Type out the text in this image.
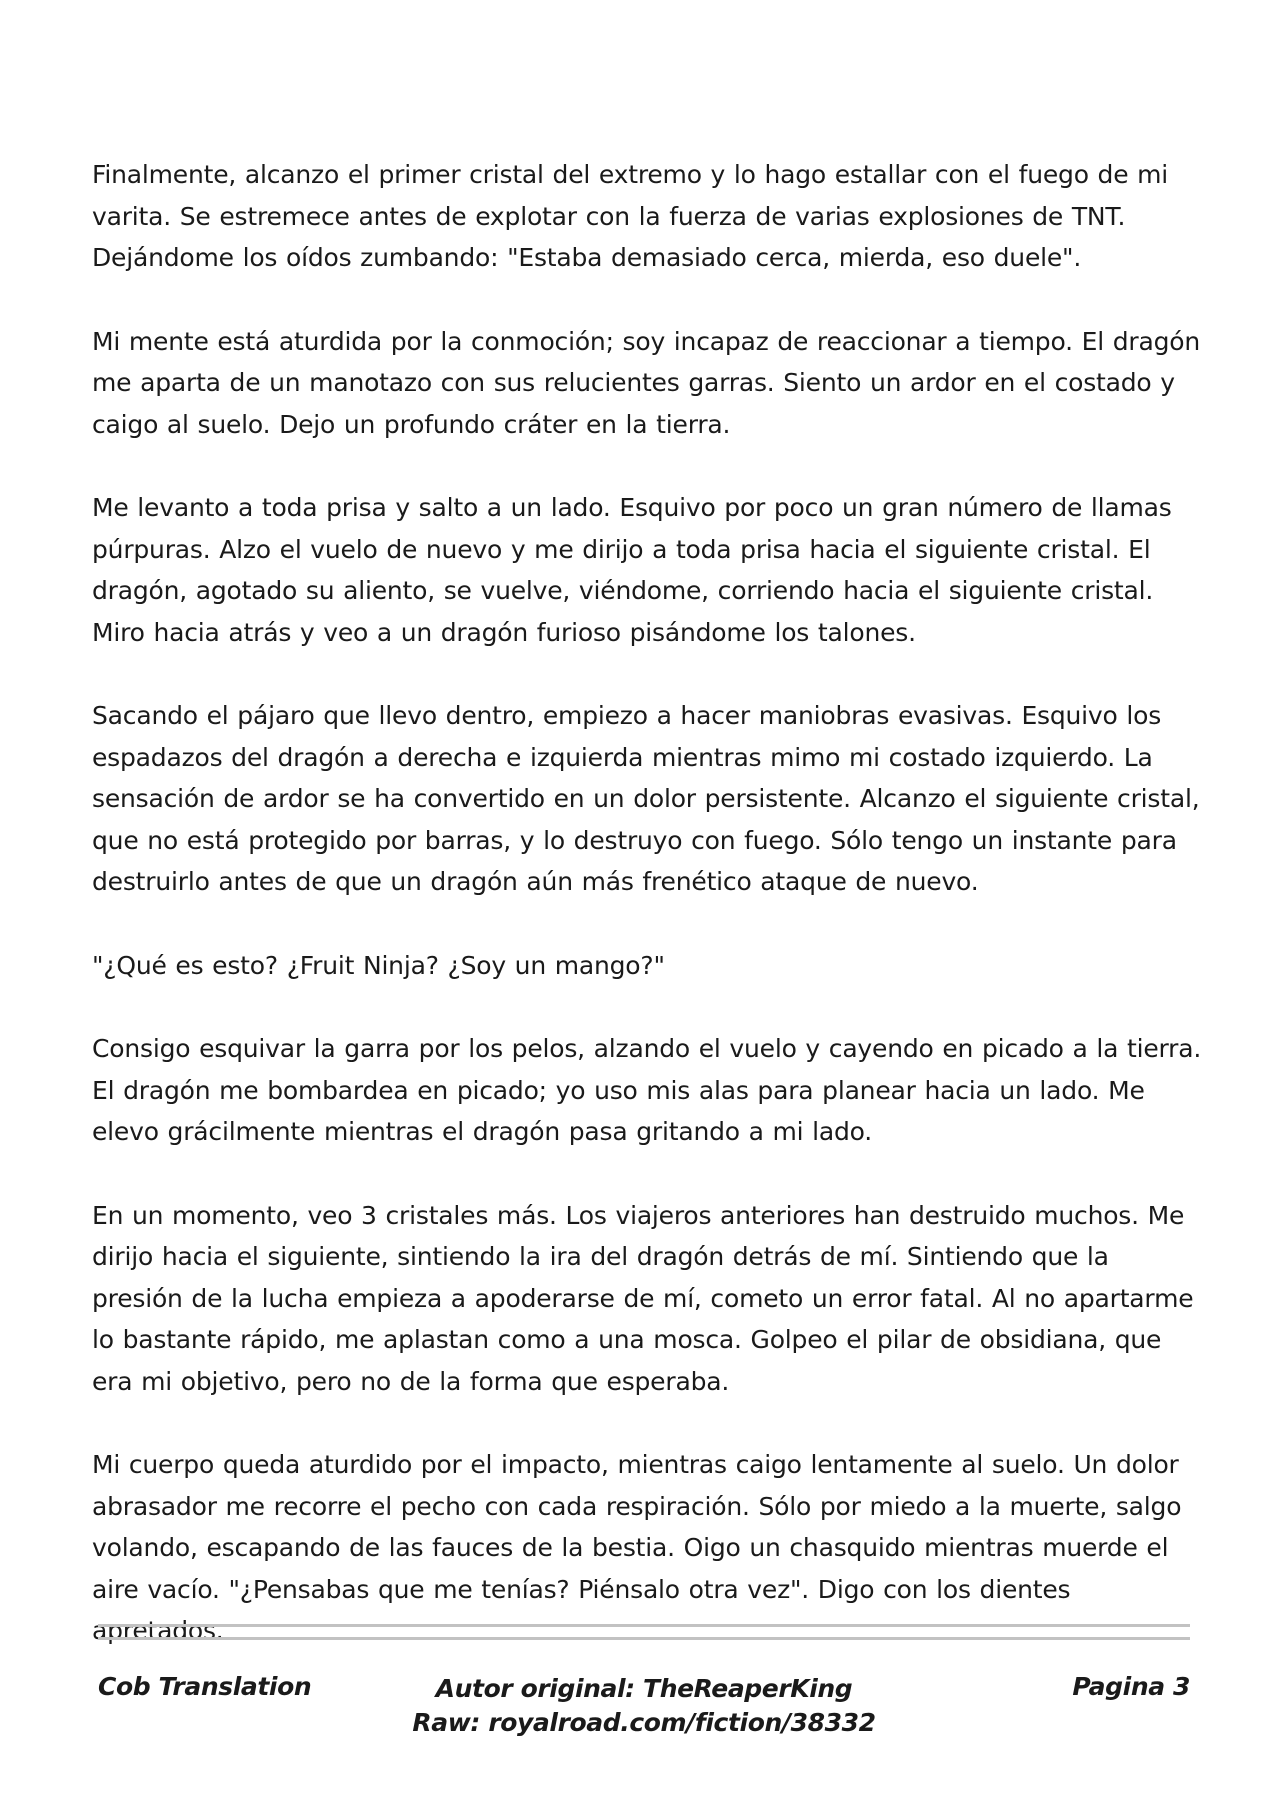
Finalmente, alcanzo el primer cristal del extremo y lo hago estallar con el fuego de mi varita. Se estremece antes de explotar con la fuerza de varias explosiones de TNT. Dejándome los oídos zumbando: "Estaba demasiado cerca, mierda, eso duele".

Mi mente está aturdida por la conmoción; soy incapaz de reaccionar a tiempo. El dragón me aparta de un manotazo con sus relucientes garras. Siento un ardor en el costado y caigo al suelo. Dejo un profundo cráter en la tierra.

Me levanto a toda prisa y salto a un lado. Esquivo por poco un gran número de llamas púrpuras. Alzo el vuelo de nuevo y me dirijo a toda prisa hacia el siguiente cristal. El dragón, agotado su aliento, se vuelve, viéndome, corriendo hacia el siguiente cristal. Miro hacia atrás y veo a un dragón furioso pisándome los talones.

Sacando el pájaro que llevo dentro, empiezo a hacer maniobras evasivas. Esquivo los espadazos del dragón a derecha e izquierda mientras mimo mi costado izquierdo. La sensación de ardor se ha convertido en un dolor persistente. Alcanzo el siguiente cristal, que no está protegido por barras, y lo destruyo con fuego. Sólo tengo un instante para destruirlo antes de que un dragón aún más frenético ataque de nuevo.

"¿Qué es esto? ¿Fruit Ninja? ¿Soy un mango?"

Consigo esquivar la garra por los pelos, alzando el vuelo y cayendo en picado a la tierra. El dragón me bombardea en picado; yo uso mis alas para planear hacia un lado. Me elevo grácilmente mientras el dragón pasa gritando a mi lado.

En un momento, veo 3 cristales más. Los viajeros anteriores han destruido muchos. Me dirijo hacia el siguiente, sintiendo la ira del dragón detrás de mí. Sintiendo que la presión de la lucha empieza a apoderarse de mí, cometo un error fatal. Al no apartarme lo bastante rápido, me aplastan como a una mosca. Golpeo el pilar de obsidiana, que era mi objetivo, pero no de la forma que esperaba.

Mi cuerpo queda aturdido por el impacto, mientras caigo lentamente al suelo. Un dolor abrasador me recorre el pecho con cada respiración. Sólo por miedo a la muerte, salgo volando, escapando de las fauces de la bestia. Oigo un chasquido mientras muerde el aire vacío. "¿Pensabas que me tenías? Piénsalo otra vez". Digo con los dientes apretados.

Cob Translation	Autor original: TheReaperKing
Raw: royalroad.com/fiction/38332
Pagina 3
